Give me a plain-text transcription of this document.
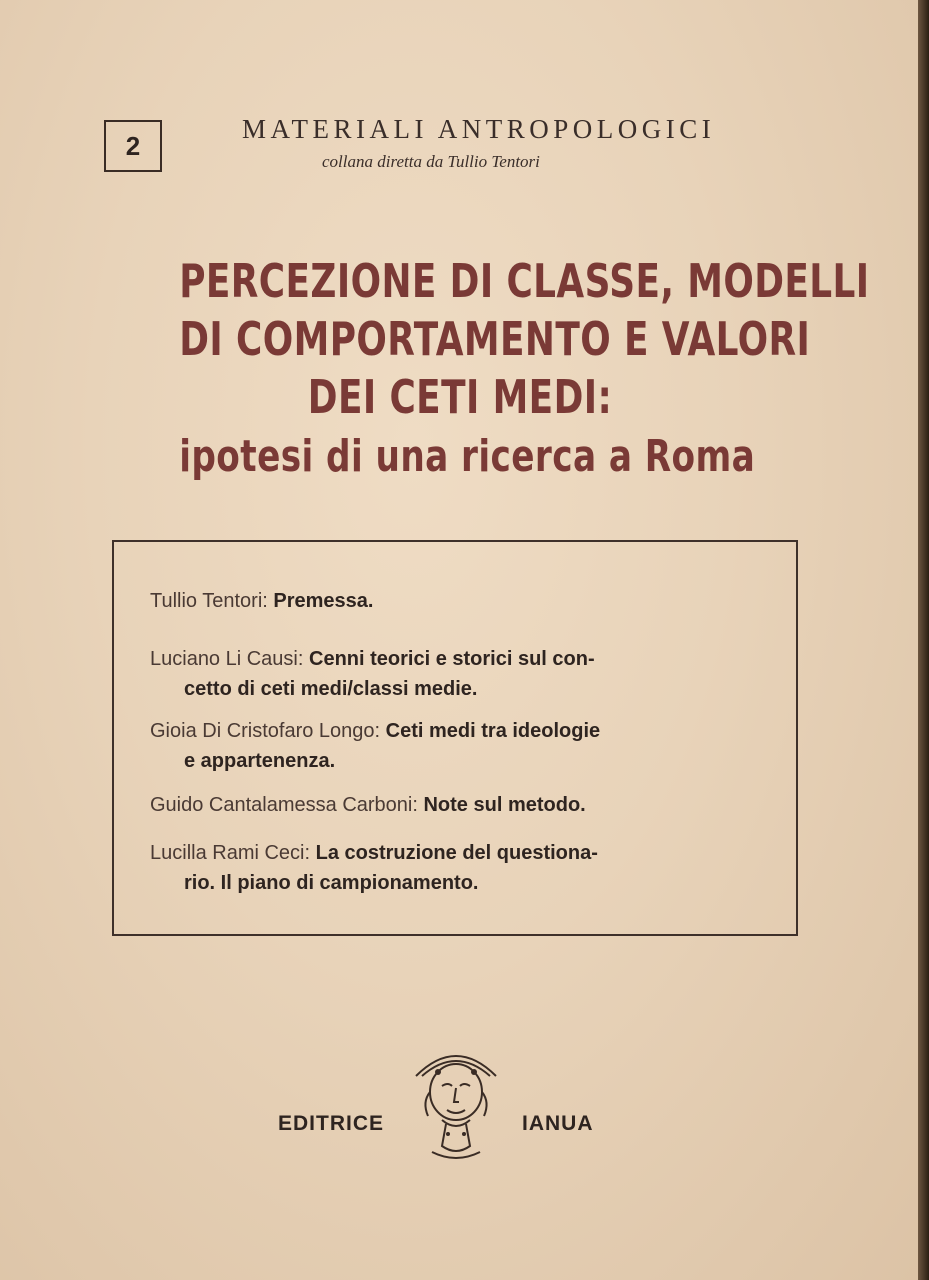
2
MATERIALI ANTROPOLOGICI
collana diretta da Tullio Tentori
PERCEZIONE DI CLASSE, MODELLI
DI COMPORTAMENTO E VALORI
DEI CETI MEDI:
ipotesi di una ricerca a Roma
Tullio Tentori: Premessa.
Luciano Li Causi: Cenni teorici e storici sul con-
cetto di ceti medi/classi medie.
Gioia Di Cristofaro Longo: Ceti medi tra ideologie
e appartenenza.
Guido Cantalamessa Carboni: Note sul metodo.
Lucilla Rami Ceci: La costruzione del questiona-
rio. Il piano di campionamento.
EDITRICE	IANUA
